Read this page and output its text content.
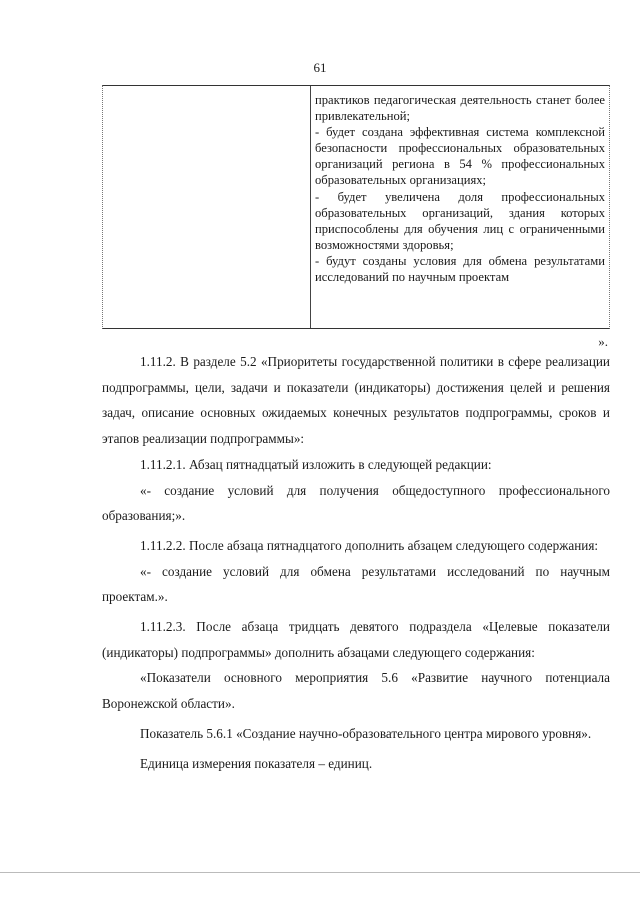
61

практиков педагогическая деятельность станет более привлекательной;

- будет создана эффективная система комплексной безопасности профессиональных образовательных организаций региона в 54 % профессиональных образовательных организациях;

- будет увеличена доля профессиональных образовательных организаций, здания которых приспособлены для обучения лиц с ограниченными возможностями здоровья;

- будут созданы условия для обмена результатами исследований по научным проектам

».

1.11.2. В разделе 5.2 «Приоритеты государственной политики в сфере реализации подпрограммы, цели, задачи и показатели (индикаторы) достижения целей и решения задач, описание основных ожидаемых конечных результатов подпрограммы, сроков и этапов реализации подпрограммы»:

1.11.2.1. Абзац пятнадцатый изложить в следующей редакции:

«- создание условий для получения общедоступного профессионального образования;».

1.11.2.2. После абзаца пятнадцатого дополнить абзацем следующего содержания:

«- создание условий для обмена результатами исследований по научным проектам.».

1.11.2.3. После абзаца тридцать девятого подраздела «Целевые показатели (индикаторы) подпрограммы» дополнить абзацами следующего содержания:

«Показатели основного мероприятия 5.6 «Развитие научного потенциала Воронежской области».

Показатель 5.6.1 «Создание научно-образовательного центра мирового уровня».

Единица измерения показателя – единиц.
